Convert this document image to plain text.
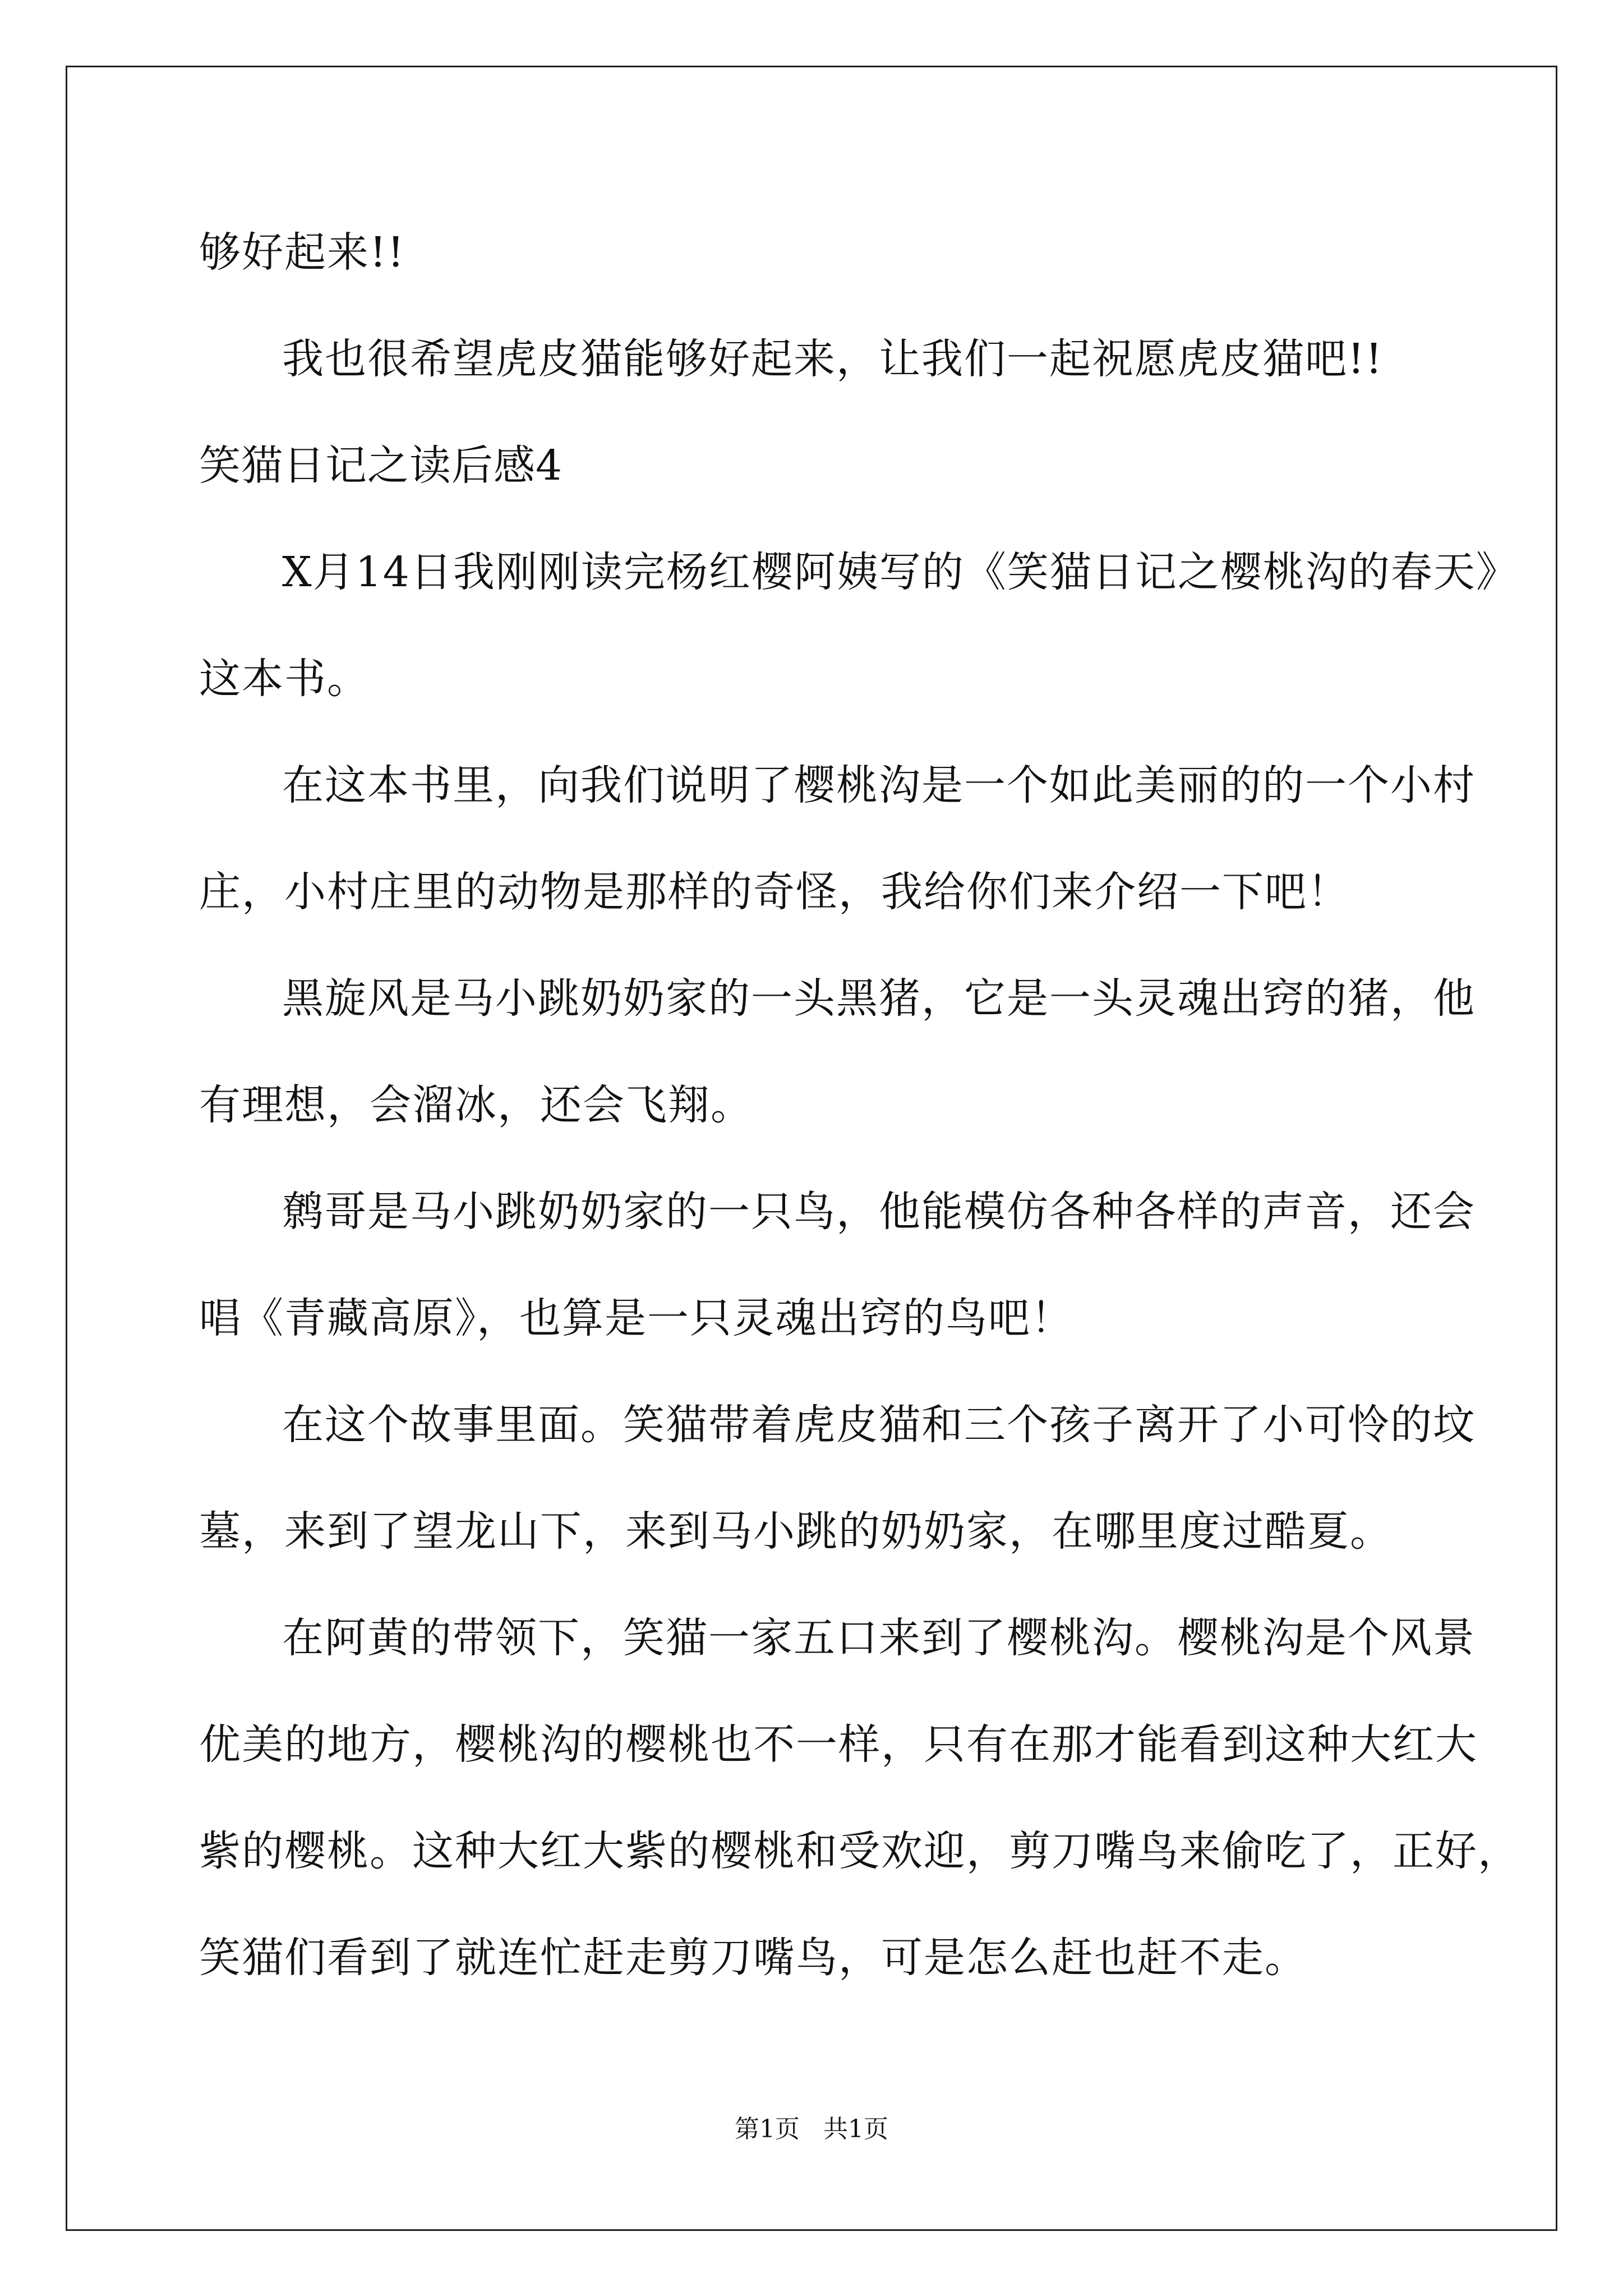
够好起来!!
我也很希望虎皮猫能够好起来，让我们一起祝愿虎皮猫吧!!
笑猫日记之读后感4
X月14日我刚刚读完杨红樱阿姨写的《笑猫日记之樱桃沟的春天》
这本书。
在这本书里，向我们说明了樱桃沟是一个如此美丽的的一个小村
庄，小村庄里的动物是那样的奇怪，我给你们来介绍一下吧！
黑旋风是马小跳奶奶家的一头黑猪，它是一头灵魂出窍的猪，他
有理想，会溜冰，还会飞翔。
鹩哥是马小跳奶奶家的一只鸟，他能模仿各种各样的声音，还会
唱《青藏高原》，也算是一只灵魂出窍的鸟吧！
在这个故事里面。笑猫带着虎皮猫和三个孩子离开了小可怜的坟
墓，来到了望龙山下，来到马小跳的奶奶家，在哪里度过酷夏。
在阿黄的带领下，笑猫一家五口来到了樱桃沟。樱桃沟是个风景
优美的地方，樱桃沟的樱桃也不一样，只有在那才能看到这种大红大
紫的樱桃。这种大红大紫的樱桃和受欢迎，剪刀嘴鸟来偷吃了，正好，
笑猫们看到了就连忙赶走剪刀嘴鸟，可是怎么赶也赶不走。
第1页   共1页
